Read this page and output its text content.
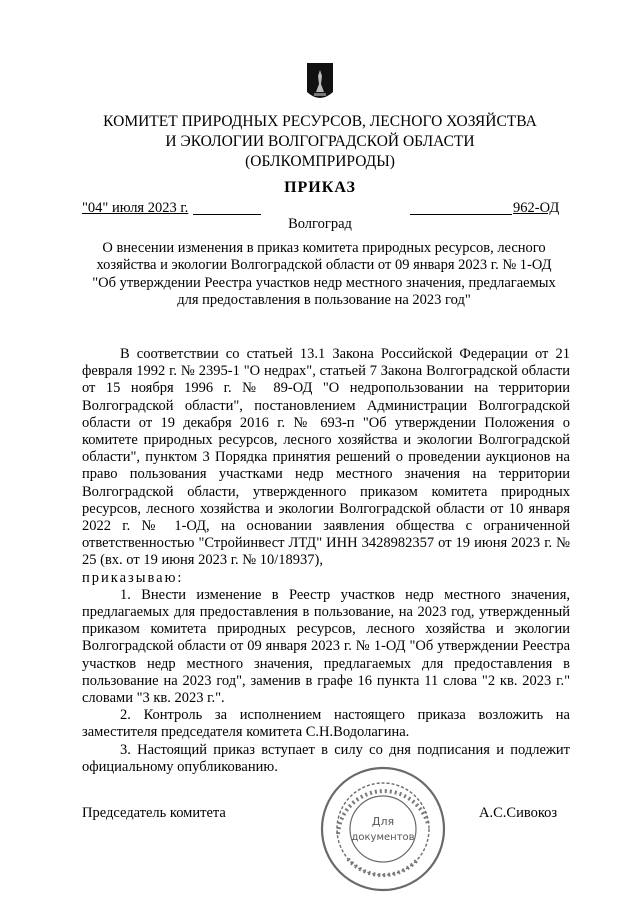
КОМИТЕТ ПРИРОДНЫХ РЕСУРСОВ, ЛЕСНОГО ХОЗЯЙСТВА
И ЭКОЛОГИИ ВОЛГОГРАДСКОЙ ОБЛАСТИ
(ОБЛКОМПРИРОДЫ)
ПРИКАЗ
"04" июля 2023 г.	962-ОД
Волгоград
О внесении изменения в приказ комитета природных ресурсов, лесного хозяйства и экологии Волгоградской области от 09 января 2023 г. № 1-ОД "Об утверждении Реестра участков недр местного значения, предлагаемых для предоставления в пользование на 2023 год"

В соответствии со статьей 13.1 Закона Российской Федерации от 21 февраля 1992 г. № 2395-1 "О недрах", статьей 7 Закона Волгоградской области от 15 ноября 1996 г. № 89-ОД "О недропользовании на территории Волгоградской области", постановлением Администрации Волгоградской области от 19 декабря 2016 г. № 693-п "Об утверждении Положения о комитете природных ресурсов, лесного хозяйства и экологии Волгоградской области", пунктом 3 Порядка принятия решений о проведении аукционов на право пользования участками недр местного значения на территории Волгоградской области, утвержденного приказом комитета природных ресурсов, лесного хозяйства и экологии Волгоградской области от 10 января 2022 г. № 1-ОД, на основании заявления общества с ограниченной ответственностью "Стройинвест ЛТД" ИНН 3428982357 от 19 июня 2023 г. № 25 (вх. от 19 июня 2023 г. № 10/18937),

приказываю:

1. Внести изменение в Реестр участков недр местного значения, предлагаемых для предоставления в пользование, на 2023 год, утвержденный приказом комитета природных ресурсов, лесного хозяйства и экологии Волгоградской области от 09 января 2023 г. № 1-ОД "Об утверждении Реестра участков недр местного значения, предлагаемых для предоставления в пользование на 2023 год", заменив в графе 16 пункта 11 слова "2 кв. 2023 г." словами "3 кв. 2023 г.".

2. Контроль за исполнением настоящего приказа возложить на заместителя председателя комитета С.Н.Водолагина.

3. Настоящий приказ вступает в силу со дня подписания и подлежит официальному опубликованию.

Председатель комитета	А.С.Сивокоз
Для
документов
